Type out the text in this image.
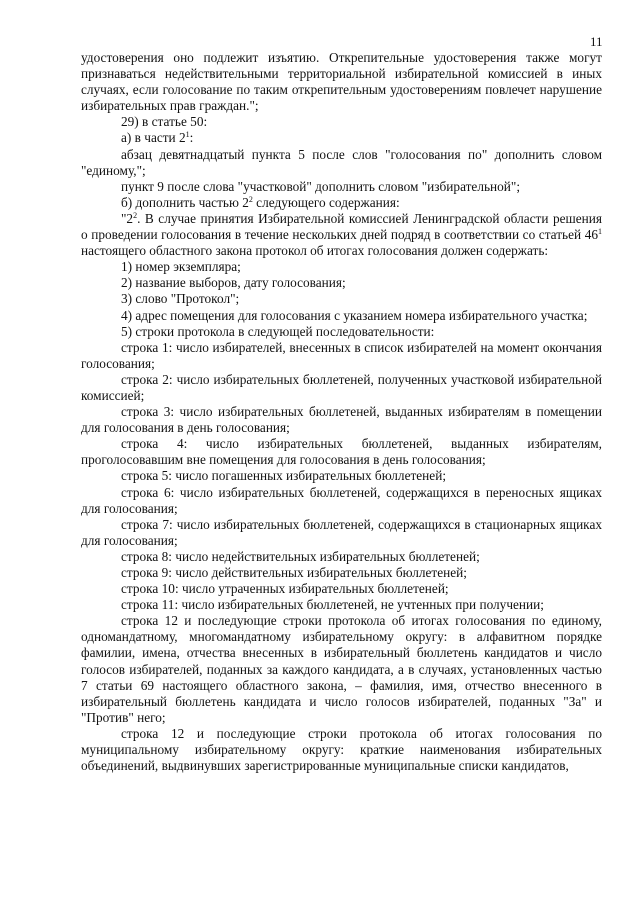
11

удостоверения оно подлежит изъятию. Открепительные удостоверения также могут признаваться недействительными территориальной избирательной комиссией в иных случаях, если голосование по таким открепительным удостоверениям повлечет нарушение избирательных прав граждан.";

29) в статье 50:

а) в части $2^1$:

абзац девятнадцатый пункта 5 после слов "голосования по" дополнить словом "единому,";

пункт 9 после слова "участковой" дополнить словом "избирательной";

б) дополнить частью $2^2$ следующего содержания:

"$2^2$. В случае принятия Избирательной комиссией Ленинградской области решения о проведении голосования в течение нескольких дней подряд в соответствии со статьей $46^1$ настоящего областного закона протокол об итогах голосования должен содержать:

1) номер экземпляра;

2) название выборов, дату голосования;

3) слово "Протокол";

4) адрес помещения для голосования с указанием номера избирательного участка;

5) строки протокола в следующей последовательности:

строка 1: число избирателей, внесенных в список избирателей на момент окончания голосования;

строка 2: число избирательных бюллетеней, полученных участковой избирательной комиссией;

строка 3: число избирательных бюллетеней, выданных избирателям в помещении для голосования в день голосования;

строка 4: число избирательных бюллетеней, выданных избирателям, проголосовавшим вне помещения для голосования в день голосования;

строка 5: число погашенных избирательных бюллетеней;

строка 6: число избирательных бюллетеней, содержащихся в переносных ящиках для голосования;

строка 7: число избирательных бюллетеней, содержащихся в стационарных ящиках для голосования;

строка 8: число недействительных избирательных бюллетеней;

строка 9: число действительных избирательных бюллетеней;

строка 10: число утраченных избирательных бюллетеней;

строка 11: число избирательных бюллетеней, не учтенных при получении;

строка 12 и последующие строки протокола об итогах голосования по единому, одномандатному, многомандатному избирательному округу: в алфавитном порядке фамилии, имена, отчества внесенных в избирательный бюллетень кандидатов и число голосов избирателей, поданных за каждого кандидата, а в случаях, установленных частью 7 статьи 69 настоящего областного закона, – фамилия, имя, отчество внесенного в избирательный бюллетень кандидата и число голосов избирателей, поданных "За" и "Против" него;

строка 12 и последующие строки протокола об итогах голосования по муниципальному избирательному округу: краткие наименования избирательных объединений, выдвинувших зарегистрированные муниципальные списки кандидатов,
